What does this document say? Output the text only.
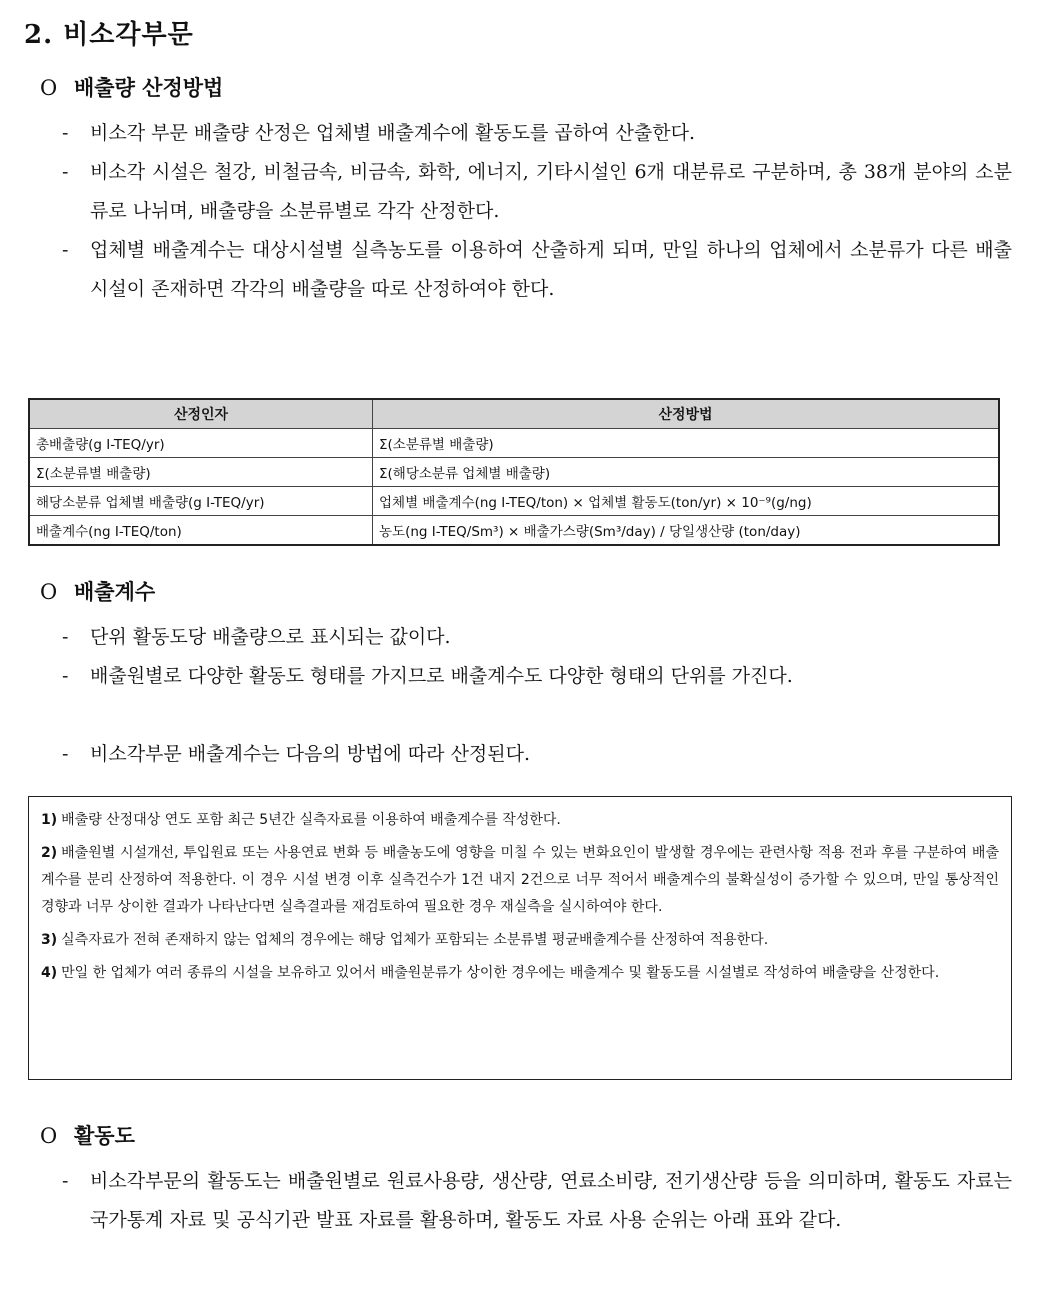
2. 비소각부문
O 배출량 산정방법
- 비소각 부문 배출량 산정은 업체별 배출계수에 활동도를 곱하여 산출한다.
- 비소각 시설은 철강, 비철금속, 비금속, 화학, 에너지, 기타시설인 6개 대분류로 구분하며, 총 38개 분야의 소분류로 나뉘며, 배출량을 소분류별로 각각 산정한다.
- 업체별 배출계수는 대상시설별 실측농도를 이용하여 산출하게 되며, 만일 하나의 업체에서 소분류가 다른 배출시설이 존재하면 각각의 배출량을 따로 산정하여야 한다.
산정인자	산정방법
총배출량(g I-TEQ/yr)	Σ(소분류별 배출량)
Σ(소분류별 배출량)	Σ(해당소분류 업체별 배출량)
해당소분류 업체별 배출량(g I-TEQ/yr)	업체별 배출계수(ng I-TEQ/ton) × 업체별 활동도(ton/yr) × 10⁻⁹(g/ng)
배출계수(ng I-TEQ/ton)	농도(ng I-TEQ/Sm³) × 배출가스량(Sm³/day) / 당일생산량 (ton/day)
O 배출계수
- 단위 활동도당 배출량으로 표시되는 값이다.
- 배출원별로 다양한 활동도 형태를 가지므로 배출계수도 다양한 형태의 단위를 가진다.
- 비소각부문 배출계수는 다음의 방법에 따라 산정된다.

1) 배출량 산정대상 연도 포함 최근 5년간 실측자료를 이용하여 배출계수를 작성한다.

2) 배출원별 시설개선, 투입원료 또는 사용연료 변화 등 배출농도에 영향을 미칠 수 있는 변화요인이 발생할 경우에는 관련사항 적용 전과 후를 구분하여 배출계수를 분리 산정하여 적용한다. 이 경우 시설 변경 이후 실측건수가 1건 내지 2건으로 너무 적어서 배출계수의 불확실성이 증가할 수 있으며, 만일 통상적인 경향과 너무 상이한 결과가 나타난다면 실측결과를 재검토하여 필요한 경우 재실측을 실시하여야 한다.

3) 실측자료가 전혀 존재하지 않는 업체의 경우에는 해당 업체가 포함되는 소분류별 평균배출계수를 산정하여 적용한다.

4) 만일 한 업체가 여러 종류의 시설을 보유하고 있어서 배출원분류가 상이한 경우에는 배출계수 및 활동도를 시설별로 작성하여 배출량을 산정한다.

O 활동도
- 비소각부문의 활동도는 배출원별로 원료사용량, 생산량, 연료소비량, 전기생산량 등을 의미하며, 활동도 자료는 국가통계 자료 및 공식기관 발표 자료를 활용하며, 활동도 자료 사용 순위는 아래 표와 같다.
